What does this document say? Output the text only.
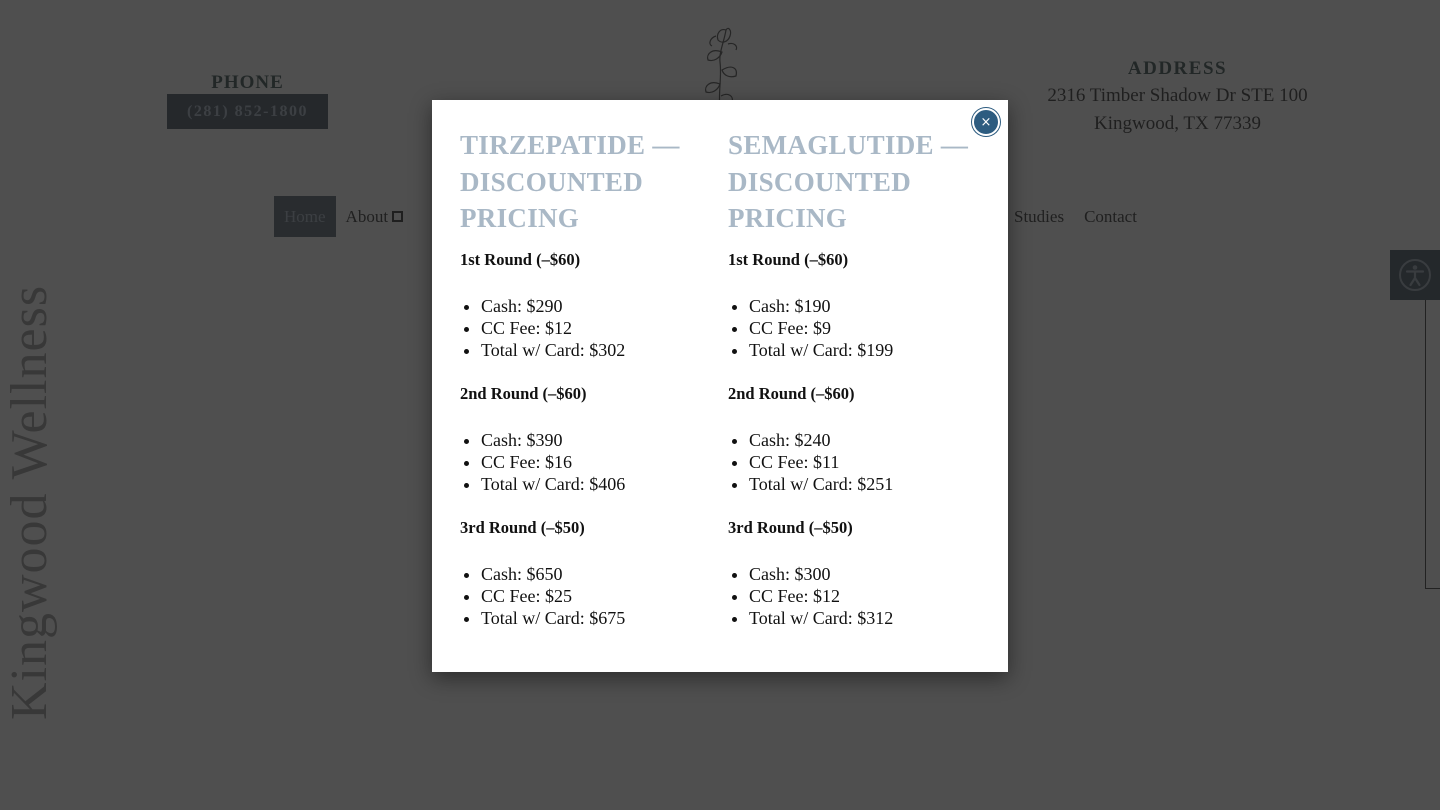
×
TIRZEPATIDE — DISCOUNTED PRICING
1st Round (–$60)
• Cash: $290
• CC Fee: $12
• Total w/ Card: $302
2nd Round (–$60)
• Cash: $390
• CC Fee: $16
• Total w/ Card: $406
3rd Round (–$50)
• Cash: $650
• CC Fee: $25
• Total w/ Card: $675
SEMAGLUTIDE — DISCOUNTED PRICING
1st Round (–$60)
• Cash: $190
• CC Fee: $9
• Total w/ Card: $199
2nd Round (–$60)
• Cash: $240
• CC Fee: $11
• Total w/ Card: $251
3rd Round (–$50)
• Cash: $300
• CC Fee: $12
• Total w/ Card: $312
